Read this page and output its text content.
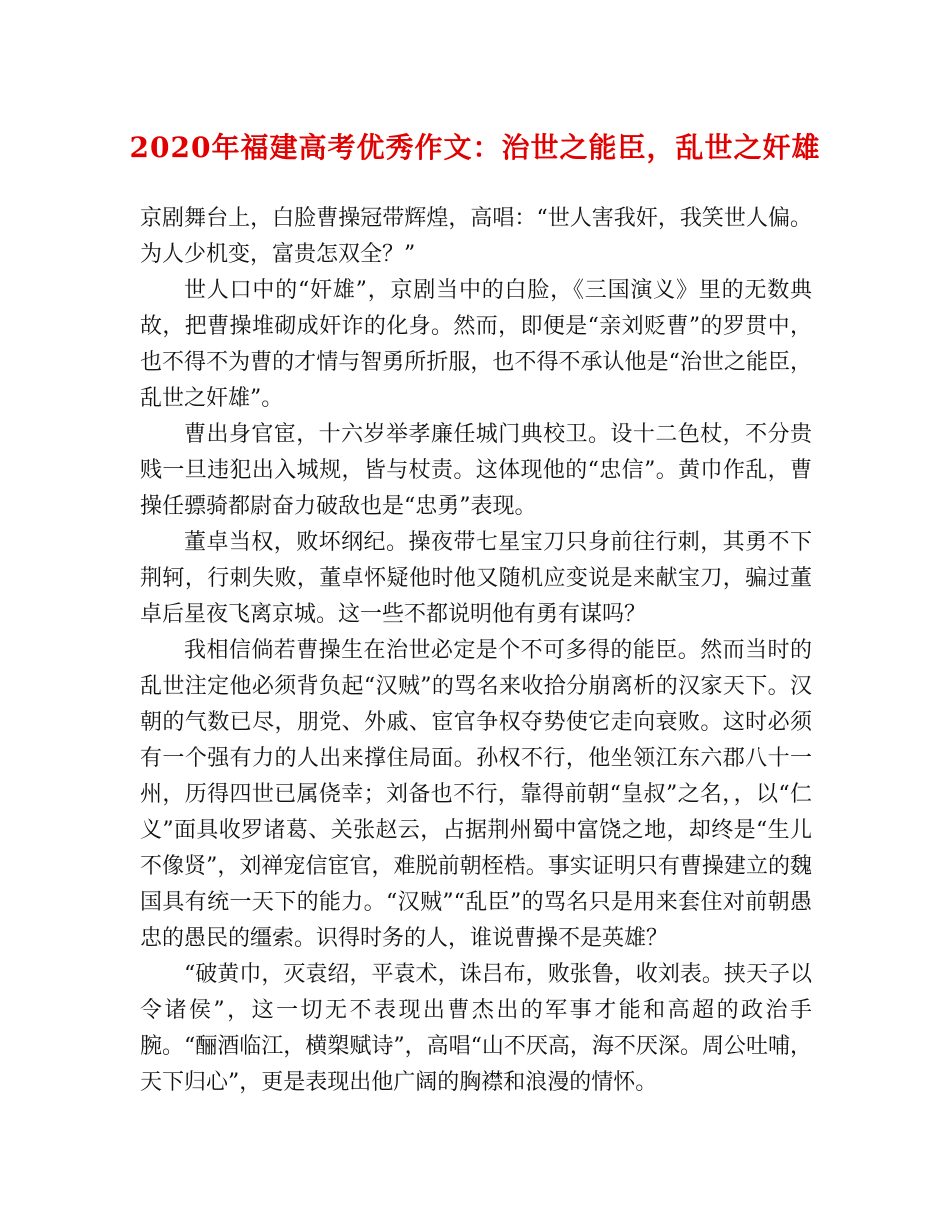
2020年福建高考优秀作文：治世之能臣，乱世之奸雄

京剧舞台上，白脸曹操冠带辉煌，高唱：“世人害我奸，我笑世人偏。为人少机变，富贵怎双全？”

世人口中的“奸雄”，京剧当中的白脸，《三国演义》里的无数典故，把曹操堆砌成奸诈的化身。然而，即便是“亲刘贬曹”的罗贯中，也不得不为曹的才情与智勇所折服，也不得不承认他是“治世之能臣，乱世之奸雄”。

曹出身官宦，十六岁举孝廉任城门典校卫。设十二色杖，不分贵贱一旦违犯出入城规，皆与杖责。这体现他的“忠信”。黄巾作乱，曹操任骠骑都尉奋力破敌也是“忠勇”表现。

董卓当权，败坏纲纪。操夜带七星宝刀只身前往行刺，其勇不下荆轲，行刺失败，董卓怀疑他时他又随机应变说是来献宝刀，骗过董卓后星夜飞离京城。这一些不都说明他有勇有谋吗？

我相信倘若曹操生在治世必定是个不可多得的能臣。然而当时的乱世注定他必须背负起“汉贼”的骂名来收拾分崩离析的汉家天下。汉朝的气数已尽，朋党、外戚、宦官争权夺势使它走向衰败。这时必须有一个强有力的人出来撑住局面。孙权不行，他坐领江东六郡八十一州，历得四世已属侥幸；刘备也不行，靠得前朝“皇叔”之名，，以“仁义”面具收罗诸葛、关张赵云，占据荆州蜀中富饶之地，却终是“生儿不像贤”，刘禅宠信宦官，难脱前朝桎梏。事实证明只有曹操建立的魏国具有统一天下的能力。“汉贼”“乱臣”的骂名只是用来套住对前朝愚忠的愚民的缰索。识得时务的人，谁说曹操不是英雄？

“破黄巾，灭袁绍，平袁术，诛吕布，败张鲁，收刘表。挟天子以令诸侯”，这一切无不表现出曹杰出的军事才能和高超的政治手腕。“酾酒临江，横槊赋诗”，高唱“山不厌高，海不厌深。周公吐哺，天下归心”，更是表现出他广阔的胸襟和浪漫的情怀。
